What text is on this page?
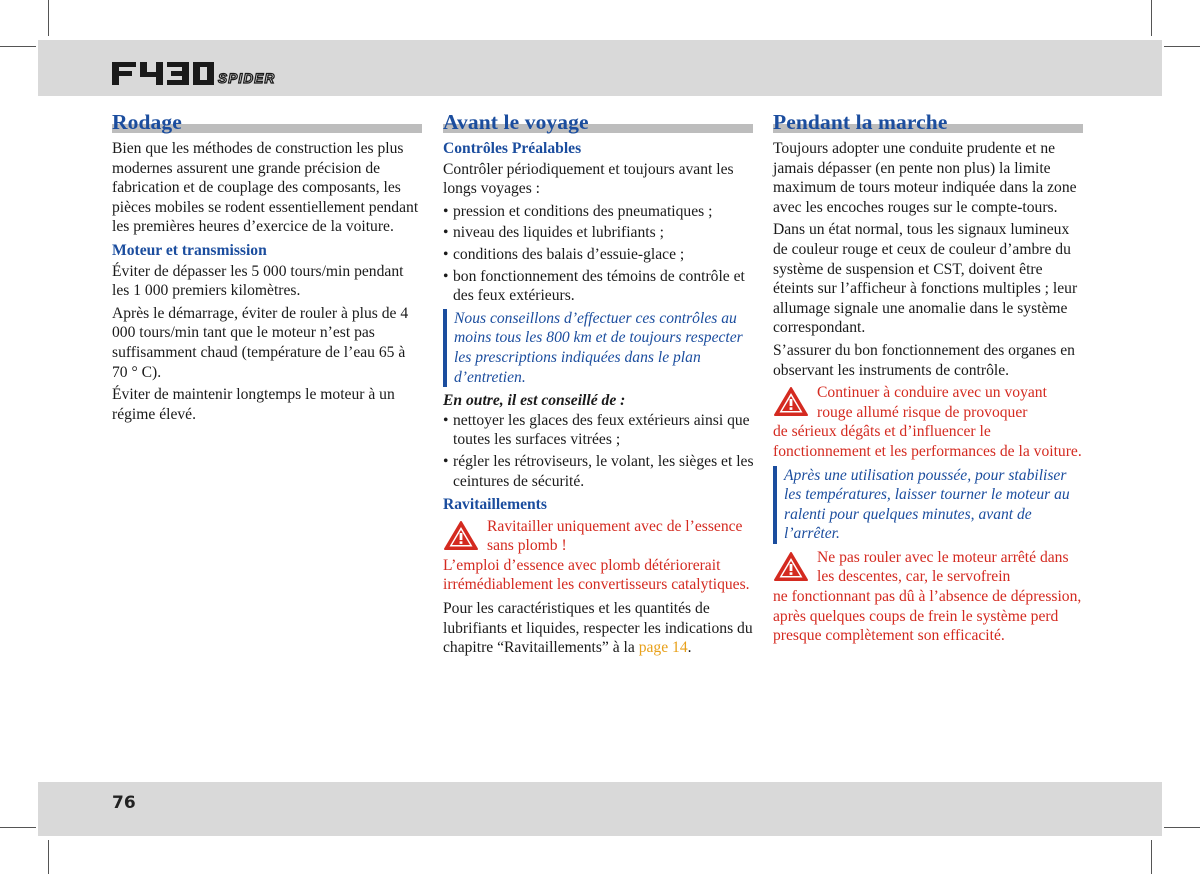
SPIDER
Rodage

Bien que les méthodes de construction les plus modernes assurent une grande précision de fabrication et de couplage des composants, les pièces mobiles se rodent essentiellement pendant les premières heures d’exercice de la voiture.

Moteur et transmission

Éviter de dépasser les 5 000 tours/min pendant les 1 000 premiers kilomètres.

Après le démarrage, éviter de rouler à plus de 4 000 tours/min tant que le moteur n’est pas suffisamment chaud (température de l’eau 65 à 70 ° C).

Éviter de maintenir longtemps le moteur à un régime élevé.

Avant le voyage
Contrôles Préalables

Contrôler périodiquement et toujours avant les longs voyages :

• pression et conditions des pneumatiques ;
• niveau des liquides et lubrifiants ;
• conditions des balais d’essuie-glace ;
• bon fonctionnement des témoins de contrôle et des feux extérieurs.
Nous conseillons d’effectuer ces contrôles au moins tous les 800 km et de toujours respecter les prescriptions indiquées dans le plan d’entretien.
En outre, il est conseillé de :
• nettoyer les glaces des feux extérieurs ainsi que toutes les surfaces vitrées ;
• régler les rétroviseurs, le volant, les sièges et les ceintures de sécurité.
Ravitaillements
Ravitailler uniquement avec de l’essence sans plomb !
L’emploi d’essence avec plomb détériorerait irrémédiablement les convertisseurs catalytiques.

Pour les caractéristiques et les quantités de lubrifiants et liquides, respecter les indications du chapitre “Ravitaillements” à la page 14.

Pendant la marche

Toujours adopter une conduite prudente et ne jamais dépasser (en pente non plus) la limite maximum de tours moteur indiquée dans la zone avec les encoches rouges sur le compte-tours.

Dans un état normal, tous les signaux lumineux de couleur rouge et ceux de couleur d’ambre du système de suspension et CST, doivent être éteints sur l’afficheur à fonctions multiples ; leur allumage signale une anomalie dans le système correspondant.

S’assurer du bon fonctionnement des organes en observant les instruments de contrôle.

Continuer à conduire avec un voyant rouge allumé risque de provoquer
de sérieux dégâts et d’influencer le fonctionnement et les performances de la voiture.
Après une utilisation poussée, pour stabiliser les températures, laisser tourner le moteur au ralenti pour quelques minutes, avant de l’arrêter.
Ne pas rouler avec le moteur arrêté dans les descentes, car, le servofrein
ne fonctionnant pas dû à l’absence de dépression, après quelques coups de frein le système perd presque complètement son efficacité.
76
